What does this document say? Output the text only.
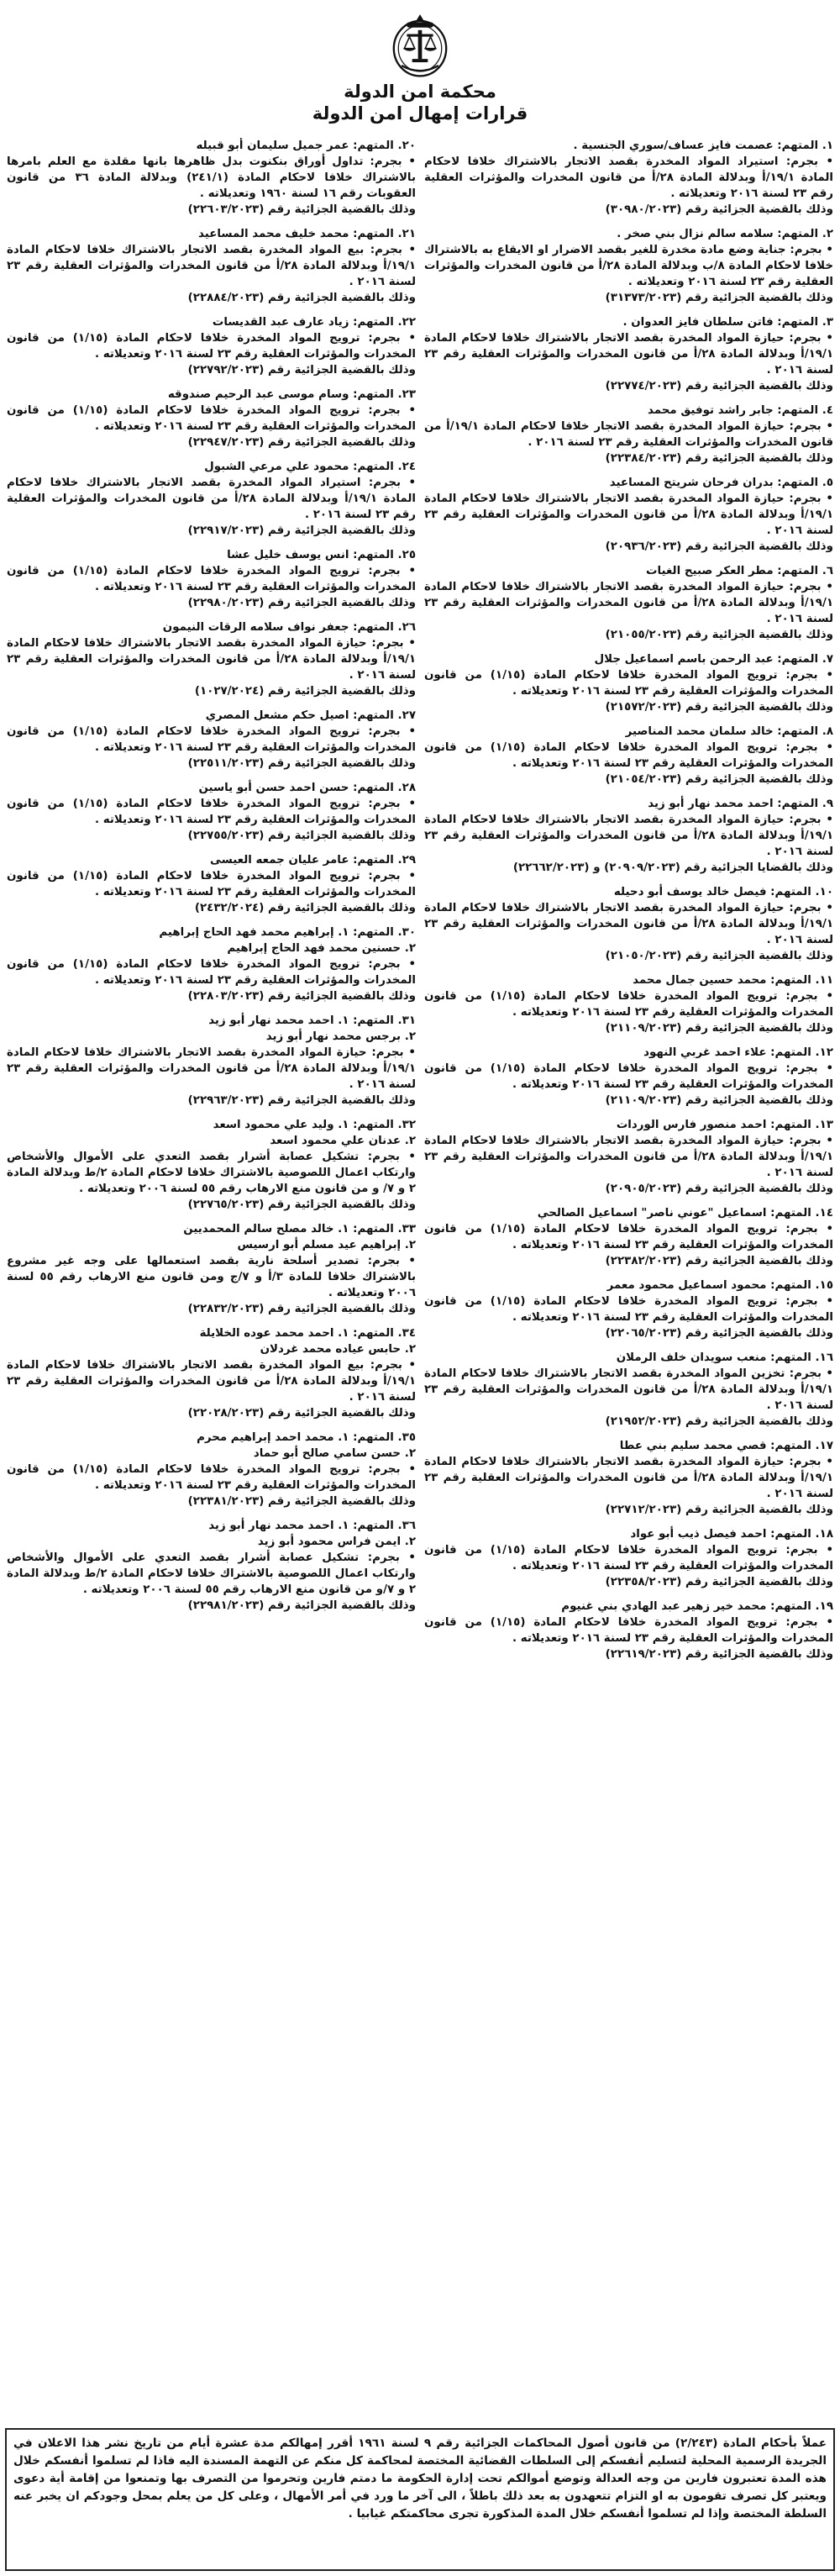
محكمة امن الدولة
قرارات إمهال امن الدولة
١. المتهم: عصمت فايز عساف/سوري الجنسية .
• بجرم: استيراد المواد المخدرة بقصد الاتجار بالاشتراك خلافا لاحكام المادة ١٩/١/أ وبدلالة المادة ٢٨/أ من قانون المخدرات والمؤثرات العقلية رقم ٢٣ لسنة ٢٠١٦ وتعديلاته .
وذلك بالقضية الجزائية رقم (٣٠٩٨٠/٢٠٢٣)
٢. المتهم: سلامه سالم نزال بني صخر .
• بجرم: جناية وضع مادة مخدرة للغير بقصد الاضرار او الايقاع به بالاشتراك خلافا لاحكام المادة ٨/ب وبدلالة المادة ٢٨/أ من قانون المخدرات والمؤثرات العقلية رقم ٢٣ لسنة ٢٠١٦ وتعديلاته .
وذلك بالقضية الجزائية رقم (٣١٣٧٣/٢٠٢٣)
٣. المتهم: فاتن سلطان فايز العدوان .
• بجرم: حيازة المواد المخدرة بقصد الاتجار بالاشتراك خلافا لاحكام المادة ١٩/١/أ وبدلالة المادة ٢٨/أ من قانون المخدرات والمؤثرات العقلية رقم ٢٣ لسنة ٢٠١٦ .
وذلك بالقضية الجزائية رقم (٢٢٧٧٤/٢٠٢٣)
٤. المتهم: جابر راشد توفيق محمد
• بجرم: حيازة المواد المخدرة بقصد الاتجار خلافا لاحكام المادة ١٩/١/أ من قانون المخدرات والمؤثرات العقلية رقم ٢٣ لسنة ٢٠١٦ .
وذلك بالقضية الجزائية رقم (٢٢٣٨٤/٢٠٢٣)
٥. المتهم: بدران فرحان شريتح المساعيد
• بجرم: حيازة المواد المخدرة بقصد الاتجار بالاشتراك خلافا لاحكام المادة ١٩/١/أ وبدلالة المادة ٢٨/أ من قانون المخدرات والمؤثرات العقلية رقم ٢٣ لسنة ٢٠١٦ .
وذلك بالقضية الجزائية رقم (٢٠٩٣٦/٢٠٢٣)
٦. المتهم: مطر العكر صبيح الغيات
• بجرم: حيازة المواد المخدرة بقصد الاتجار بالاشتراك خلافا لاحكام المادة ١٩/١/أ وبدلالة المادة ٢٨/أ من قانون المخدرات والمؤثرات العقلية رقم ٢٣ لسنة ٢٠١٦ .
وذلك بالقضية الجزائية رقم (٢١٠٥٥/٢٠٢٣)
٧. المتهم: عبد الرحمن باسم اسماعيل جلال
• بجرم: ترويج المواد المخدرة خلافا لاحكام المادة (١/١٥) من قانون المخدرات والمؤثرات العقلية رقم ٢٣ لسنة ٢٠١٦ وتعديلاته .
وذلك بالقضية الجزائية رقم (٢١٥٧٢/٢٠٢٣)
٨. المتهم: خالد سلمان محمد المناصير
• بجرم: ترويج المواد المخدرة خلافا لاحكام المادة (١/١٥) من قانون المخدرات والمؤثرات العقلية رقم ٢٣ لسنة ٢٠١٦ وتعديلاته .
وذلك بالقضية الجزائية رقم (٢١٠٥٤/٢٠٢٣)
٩. المتهم: احمد محمد نهار أبو زيد
• بجرم: حيازة المواد المخدرة بقصد الاتجار بالاشتراك خلافا لاحكام المادة ١٩/١/أ وبدلالة المادة ٢٨/أ من قانون المخدرات والمؤثرات العقلية رقم ٢٣ لسنة ٢٠١٦ .
وذلك بالقضايا الجزائية رقم (٢٠٩٠٩/٢٠٢٣) و (٢٢٦٦٢/٢٠٢٣)
١٠. المتهم: فيصل خالد يوسف أبو دحيله
• بجرم: حيازة المواد المخدرة بقصد الاتجار بالاشتراك خلافا لاحكام المادة ١٩/١/أ وبدلالة المادة ٢٨/أ من قانون المخدرات والمؤثرات العقلية رقم ٢٣ لسنة ٢٠١٦ .
وذلك بالقضية الجزائية رقم (٢١٠٥٠/٢٠٢٣)
١١. المتهم: محمد حسين جمال محمد
• بجرم: ترويج المواد المخدرة خلافا لاحكام المادة (١/١٥) من قانون المخدرات والمؤثرات العقلية رقم ٢٣ لسنة ٢٠١٦ وتعديلاته .
وذلك بالقضية الجزائية رقم (٢١١٠٩/٢٠٢٣)
١٢. المتهم: علاء احمد غربي النهود
• بجرم: ترويج المواد المخدرة خلافا لاحكام المادة (١/١٥) من قانون المخدرات والمؤثرات العقلية رقم ٢٣ لسنة ٢٠١٦ وتعديلاته .
وذلك بالقضية الجزائية رقم (٢١١٠٩/٢٠٢٣)
١٣. المتهم: احمد منصور فارس الوردات
• بجرم: حيازة المواد المخدرة بقصد الاتجار بالاشتراك خلافا لاحكام المادة ١٩/١/أ وبدلالة المادة ٢٨/أ من قانون المخدرات والمؤثرات العقلية رقم ٢٣ لسنة ٢٠١٦ .
وذلك بالقضية الجزائية رقم (٢٠٩٠٥/٢٠٢٣)
١٤. المتهم: اسماعيل "عوني ناصر" اسماعيل الصالحي
• بجرم: ترويج المواد المخدرة خلافا لاحكام المادة (١/١٥) من قانون المخدرات والمؤثرات العقلية رقم ٢٣ لسنة ٢٠١٦ وتعديلاته .
وذلك بالقضية الجزائية رقم (٢٢٣٨٢/٢٠٢٣)
١٥. المتهم: محمود اسماعيل محمود معمر
• بجرم: ترويج المواد المخدرة خلافا لاحكام المادة (١/١٥) من قانون المخدرات والمؤثرات العقلية رقم ٢٣ لسنة ٢٠١٦ وتعديلاته .
وذلك بالقضية الجزائية رقم (٢٢٠٦٥/٢٠٢٣)
١٦. المتهم: منعب سويدان خلف الرملان
• بجرم: تخزين المواد المخدرة بقصد الاتجار بالاشتراك خلافا لاحكام المادة ١٩/١/أ وبدلالة المادة ٢٨/أ من قانون المخدرات والمؤثرات العقلية رقم ٢٣ لسنة ٢٠١٦ .
وذلك بالقضية الجزائية رقم (٢١٩٥٢/٢٠٢٣)
١٧. المتهم: قصي محمد سليم بني عطا
• بجرم: حيازة المواد المخدرة بقصد الاتجار بالاشتراك خلافا لاحكام المادة ١٩/١/أ وبدلالة المادة ٢٨/أ من قانون المخدرات والمؤثرات العقلية رقم ٢٣ لسنة ٢٠١٦ .
وذلك بالقضية الجزائية رقم (٢٢٧١٢/٢٠٢٣)
١٨. المتهم: احمد فيصل ذيب أبو عواد
• بجرم: ترويج المواد المخدرة خلافا لاحكام المادة (١/١٥) من قانون المخدرات والمؤثرات العقلية رقم ٢٣ لسنة ٢٠١٦ وتعديلاته .
وذلك بالقضية الجزائية رقم (٢٢٣٥٨/٢٠٢٣)
١٩. المتهم: محمد خير زهير عبد الهادي بني غنيوم
• بجرم: ترويج المواد المخدرة خلافا لاحكام المادة (١/١٥) من قانون المخدرات والمؤثرات العقلية رقم ٢٣ لسنة ٢٠١٦ وتعديلاته .
وذلك بالقضية الجزائية رقم (٢٢٦١٩/٢٠٢٣)
٢٠. المتهم: عمر جميل سليمان أبو قبيله
• بجرم: تداول أوراق بنكنوت بدل ظاهرها بانها مقلدة مع العلم بامرها بالاشتراك خلافا لاحكام المادة (٢٤١/١) وبدلالة المادة ٣٦ من قانون العقوبات رقم ١٦ لسنة ١٩٦٠ وتعديلاته .
وذلك بالقضية الجزائية رقم (٢٢٦٠٣/٢٠٢٣)
٢١. المتهم: محمد خليف محمد المساعيد
• بجرم: بيع المواد المخدرة بقصد الاتجار بالاشتراك خلافا لاحكام المادة ١٩/١/أ وبدلالة المادة ٢٨/أ من قانون المخدرات والمؤثرات العقلية رقم ٢٣ لسنة ٢٠١٦ .
وذلك بالقضية الجزائية رقم (٢٢٨٨٤/٢٠٢٣)
٢٢. المتهم: زياد عارف عبد القديسات
• بجرم: ترويج المواد المخدرة خلافا لاحكام المادة (١/١٥) من قانون المخدرات والمؤثرات العقلية رقم ٢٣ لسنة ٢٠١٦ وتعديلاته .
وذلك بالقضية الجزائية رقم (٢٢٧٩٢/٢٠٢٣)
٢٣. المتهم: وسام موسى عبد الرحيم صندوقه
• بجرم: ترويج المواد المخدرة خلافا لاحكام المادة (١/١٥) من قانون المخدرات والمؤثرات العقلية رقم ٢٣ لسنة ٢٠١٦ وتعديلاته .
وذلك بالقضية الجزائية رقم (٢٢٩٤٧/٢٠٢٣)
٢٤. المتهم: محمود علي مرعي الشبول
• بجرم: استيراد المواد المخدرة بقصد الاتجار بالاشتراك خلافا لاحكام المادة ١٩/١/أ وبدلالة المادة ٢٨/أ من قانون المخدرات والمؤثرات العقلية رقم ٢٣ لسنة ٢٠١٦ .
وذلك بالقضية الجزائية رقم (٢٢٩١٧/٢٠٢٣)
٢٥. المتهم: انس يوسف خليل عشا
• بجرم: ترويج المواد المخدرة خلافا لاحكام المادة (١/١٥) من قانون المخدرات والمؤثرات العقلية رقم ٢٣ لسنة ٢٠١٦ وتعديلاته .
وذلك بالقضية الجزائية رقم (٢٢٩٨٠/٢٠٢٣)
٢٦. المتهم: جعفر نواف سلامه الرقات النيمون
• بجرم: حيازة المواد المخدرة بقصد الاتجار بالاشتراك خلافا لاحكام المادة ١٩/١/أ وبدلالة المادة ٢٨/أ من قانون المخدرات والمؤثرات العقلية رقم ٢٣ لسنة ٢٠١٦ .
وذلك بالقضية الجزائية رقم (١٠٢٧/٢٠٢٤)
٢٧. المتهم: اصيل حكم مشعل المصري
• بجرم: ترويج المواد المخدرة خلافا لاحكام المادة (١/١٥) من قانون المخدرات والمؤثرات العقلية رقم ٢٣ لسنة ٢٠١٦ وتعديلاته .
وذلك بالقضية الجزائية رقم (٢٢٥١١/٢٠٢٣)
٢٨. المتهم: حسن احمد حسن أبو ياسين
• بجرم: ترويج المواد المخدرة خلافا لاحكام المادة (١/١٥) من قانون المخدرات والمؤثرات العقلية رقم ٢٣ لسنة ٢٠١٦ وتعديلاته .
وذلك بالقضية الجزائية رقم (٢٢٧٥٥/٢٠٢٣)
٢٩. المتهم: عامر عليان جمعه العيسى
• بجرم: ترويج المواد المخدرة خلافا لاحكام المادة (١/١٥) من قانون المخدرات والمؤثرات العقلية رقم ٢٣ لسنة ٢٠١٦ وتعديلاته .
وذلك بالقضية الجزائية رقم (٢٤٣٢/٢٠٢٤)
٣٠. المتهم: ١. إبراهيم محمد فهد الحاج إبراهيم
٢. حسنين محمد فهد الحاج إبراهيم
• بجرم: ترويج المواد المخدرة خلافا لاحكام المادة (١/١٥) من قانون المخدرات والمؤثرات العقلية رقم ٢٣ لسنة ٢٠١٦ وتعديلاته .
وذلك بالقضية الجزائية رقم (٢٢٨٠٣/٢٠٢٣)
٣١. المتهم: ١. احمد محمد نهار أبو زيد
٢. برجس محمد نهار أبو زيد
• بجرم: حيازة المواد المخدرة بقصد الاتجار بالاشتراك خلافا لاحكام المادة ١٩/١/أ وبدلالة المادة ٢٨/أ من قانون المخدرات والمؤثرات العقلية رقم ٢٣ لسنة ٢٠١٦ .
وذلك بالقضية الجزائية رقم (٢٢٩٦٣/٢٠٢٣)
٣٢. المتهم: ١. وليد علي محمود اسعد
٢. عدنان علي محمود اسعد
• بجرم: تشكيل عصابة أشرار بقصد التعدي على الأموال والأشخاص وارتكاب اعمال اللصوصية بالاشتراك خلافا لاحكام المادة ٢/ط وبدلالة المادة ٢ و ٧/ و من قانون منع الارهاب رقم ٥٥ لسنة ٢٠٠٦ وتعديلاته .
وذلك بالقضية الجزائية رقم (٢٢٧٦٥/٢٠٢٣)
٣٣. المتهم: ١. خالد مصلح سالم المحمديين
٢. إبراهيم عيد مسلم أبو ارسيس
• بجرم: تصدير أسلحة نارية بقصد استعمالها على وجه غير مشروع بالاشتراك خلافا للمادة ٣/أ و ٧/ج ومن قانون منع الارهاب رقم ٥٥ لسنة ٢٠٠٦ وتعديلاته .
وذلك بالقضية الجزائية رقم (٢٢٨٣٢/٢٠٢٣)
٣٤. المتهم: ١. احمد محمد عوده الخلايلة
٢. حابس عياده محمد غردلان
• بجرم: بيع المواد المخدرة بقصد الاتجار بالاشتراك خلافا لاحكام المادة ١٩/١/أ وبدلالة المادة ٢٨/أ من قانون المخدرات والمؤثرات العقلية رقم ٢٣ لسنة ٢٠١٦ .
وذلك بالقضية الجزائية رقم (٢٢٠٢٨/٢٠٢٣)
٣٥. المتهم: ١. محمد احمد إبراهيم محرم
٢. حسن سامي صالح أبو حماد
• بجرم: ترويج المواد المخدرة خلافا لاحكام المادة (١/١٥) من قانون المخدرات والمؤثرات العقلية رقم ٢٣ لسنة ٢٠١٦ وتعديلاته .
وذلك بالقضية الجزائية رقم (٢٢٣٨١/٢٠٢٣)
٣٦. المتهم: ١. احمد محمد نهار أبو زيد
٢. ايمن فراس محمود أبو زيد
• بجرم: تشكيل عصابة أشرار بقصد التعدي على الأموال والأشخاص وارتكاب اعمال اللصوصية بالاشتراك خلافا لاحكام المادة ٢/ط وبدلالة المادة ٢ و ٧/و من قانون منع الارهاب رقم ٥٥ لسنة ٢٠٠٦ وتعديلاته .
وذلك بالقضية الجزائية رقم (٢٢٩٨١/٢٠٢٣)
عملاً بأحكام المادة (٢/٢٤٣) من قانون أصول المحاكمات الجزائية رقم ٩ لسنة ١٩٦١ أقرر إمهالكم مدة عشرة أيام من تاريخ نشر هذا الاعلان في الجريدة الرسمية المحلية لتسليم أنفسكم إلى السلطات القضائية المختصة لمحاكمة كل منكم عن التهمة المسندة اليه فاذا لم تسلموا أنفسكم خلال هذه المدة تعتبرون فارين من وجه العدالة وتوضع أموالكم تحت إدارة الحكومة ما دمتم فارين وتحرموا من التصرف بها وتمنعوا من إقامة أية دعوى ويعتبر كل تصرف تقومون به او التزام تتعهدون به بعد ذلك باطلاً ، الى آخر ما ورد في أمر الأمهال ، وعلى كل من يعلم بمحل وجودكم ان يخبر عنه السلطة المختصة وإذا لم تسلموا أنفسكم خلال المدة المذكورة تجرى محاكمتكم غيابيا .
